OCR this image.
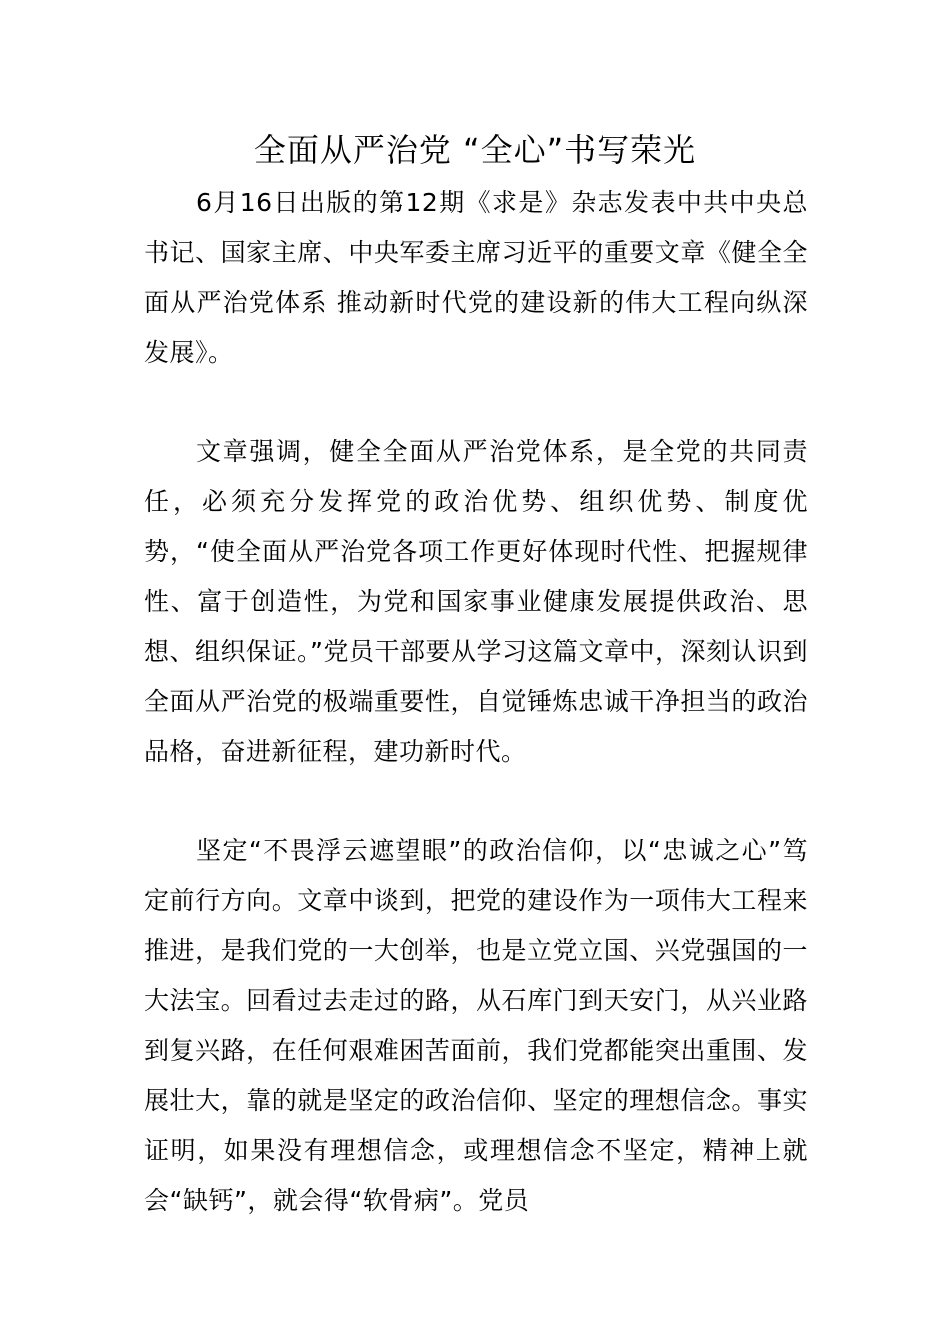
全面从严治党 “全心”书写荣光

6月16日出版的第12期《求是》杂志发表中共中央总书记、国家主席、中央军委主席习近平的重要文章《健全全面从严治党体系 推动新时代党的建设新的伟大工程向纵深发展》。

文章强调，健全全面从严治党体系，是全党的共同责任，必须充分发挥党的政治优势、组织优势、制度优势，“使全面从严治党各项工作更好体现时代性、把握规律性、富于创造性，为党和国家事业健康发展提供政治、思想、组织保证。”党员干部要从学习这篇文章中，深刻认识到全面从严治党的极端重要性，自觉锤炼忠诚干净担当的政治品格，奋进新征程，建功新时代。

坚定“不畏浮云遮望眼”的政治信仰，以“忠诚之心”笃定前行方向。文章中谈到，把党的建设作为一项伟大工程来推进，是我们党的一大创举，也是立党立国、兴党强国的一大法宝。回看过去走过的路，从石库门到天安门，从兴业路到复兴路，在任何艰难困苦面前，我们党都能突出重围、发展壮大，靠的就是坚定的政治信仰、坚定的理想信念。事实证明，如果没有理想信念，或理想信念不坚定，精神上就会“缺钙”，就会得“软骨病”。党员
